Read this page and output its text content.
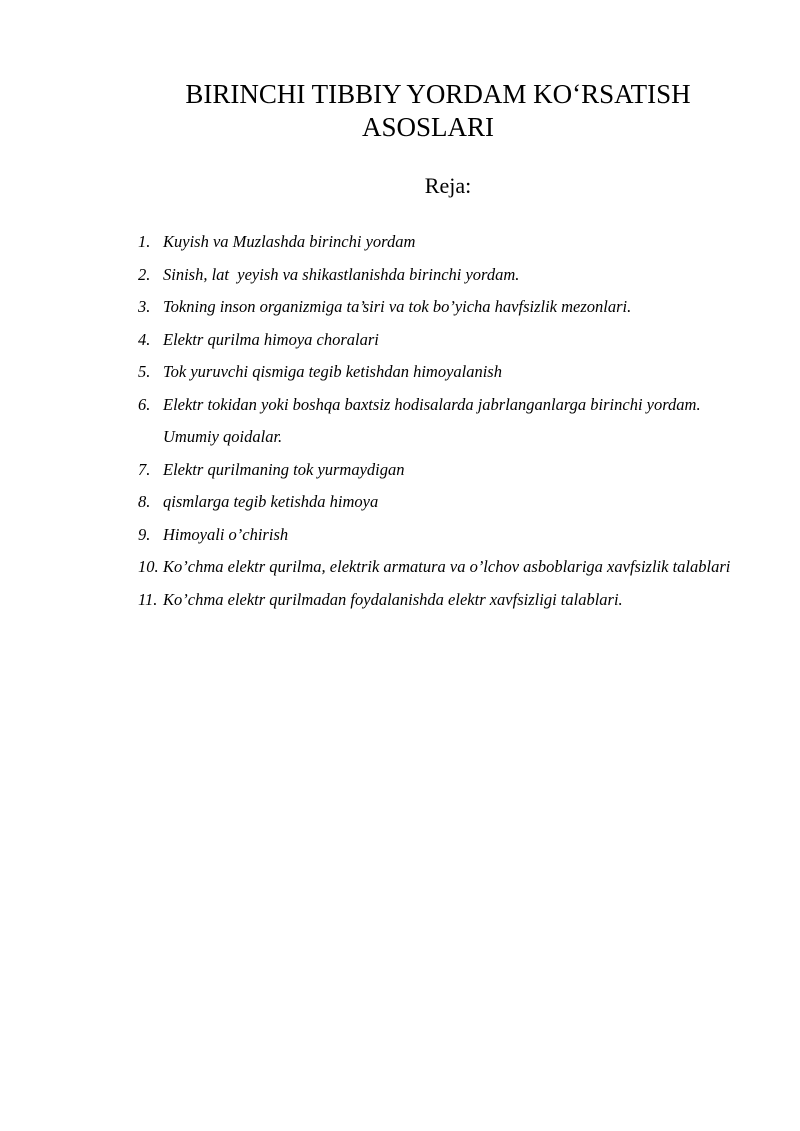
BIRINCHI TIBBIY YORDAM KO‘RSATISH
ASOSLARI

Reja:

1. Kuyish va Muzlashda birinchi yordam
2. Sinish, lat  yeyish va shikastlanishda birinchi yordam.
3. Tokning inson organizmiga ta’siri va tok bo’yicha havfsizlik mezonlari.
4. Elektr qurilma himoya choralari
5. Tok yuruvchi qismiga tegib ketishdan himoyalanish
6. Elektr tokidan yoki boshqa baxtsiz hodisalarda jabrlanganlarga birinchi yordam. Umumiy qoidalar.
7. Elektr qurilmaning tok yurmaydigan
8. qismlarga tegib ketishda himoya
9. Himoyali o’chirish
10. Ko’chma elektr qurilma, elektrik armatura va o’lchov asboblariga xavfsizlik talablari
11. Ko’chma elektr qurilmadan foydalanishda elektr xavfsizligi talablari.
